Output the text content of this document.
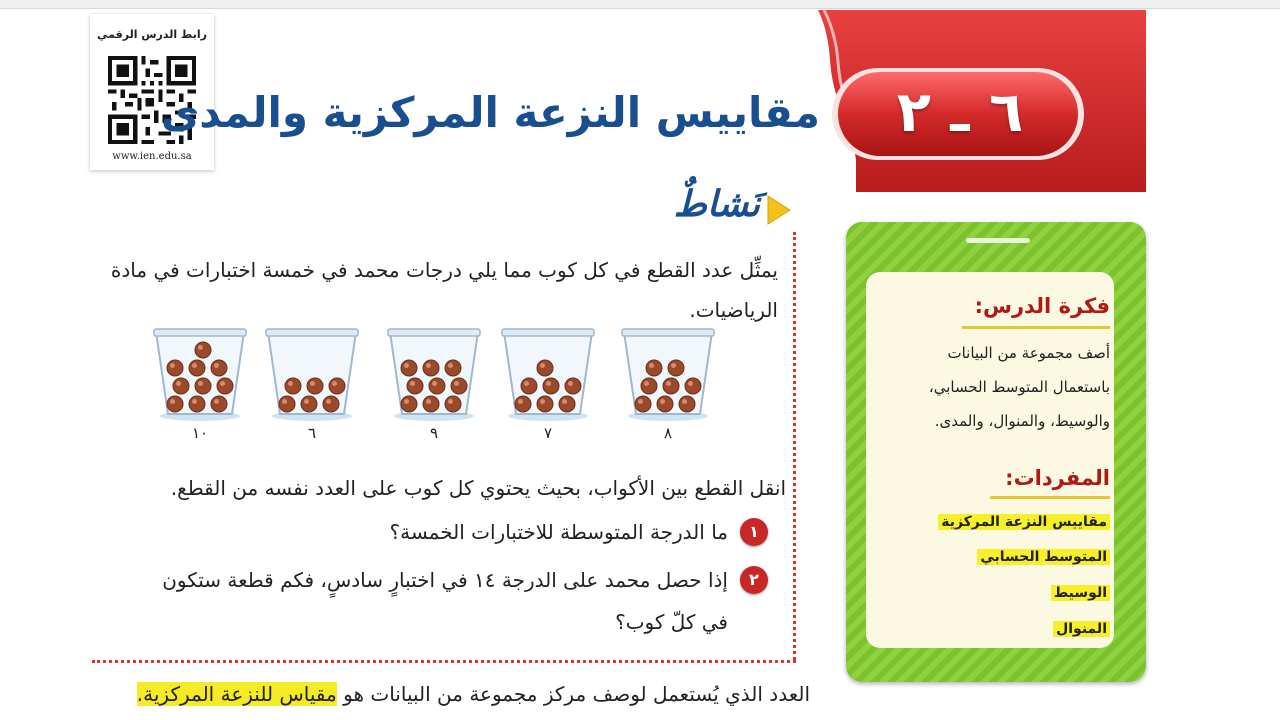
رابط الدرس الرقمي
www.ien.edu.sa
مقاييس النزعة المركزية والمدى	٦ ـ ٢
نَشاطٌ
يمثِّل عدد القطع في كل كوب مما يلي درجات محمد في خمسة اختبارات في مادة
الرياضيات.
٨
٧
٩
٦
١٠
انقل القطع بين الأكواب، بحيث يحتوي كل كوب على العدد نفسه من القطع.
١
ما الدرجة المتوسطة للاختبارات الخمسة؟
٢
إذا حصل محمد على الدرجة ١٤ في اختبارٍ سادسٍ، فكم قطعة ستكون
في كلّ كوب؟
فكرة الدرس:
أصف مجموعة من البيانات
باستعمال المتوسط الحسابي،
والوسيط، والمنوال، والمدى.
المفردات:
مقاييس النزعة المركزية
المتوسط الحسابي
الوسيط
المنوال
العدد الذي يُستعمل لوصف مركز مجموعة من البيانات هو مقياس للنزعة المركزية.
